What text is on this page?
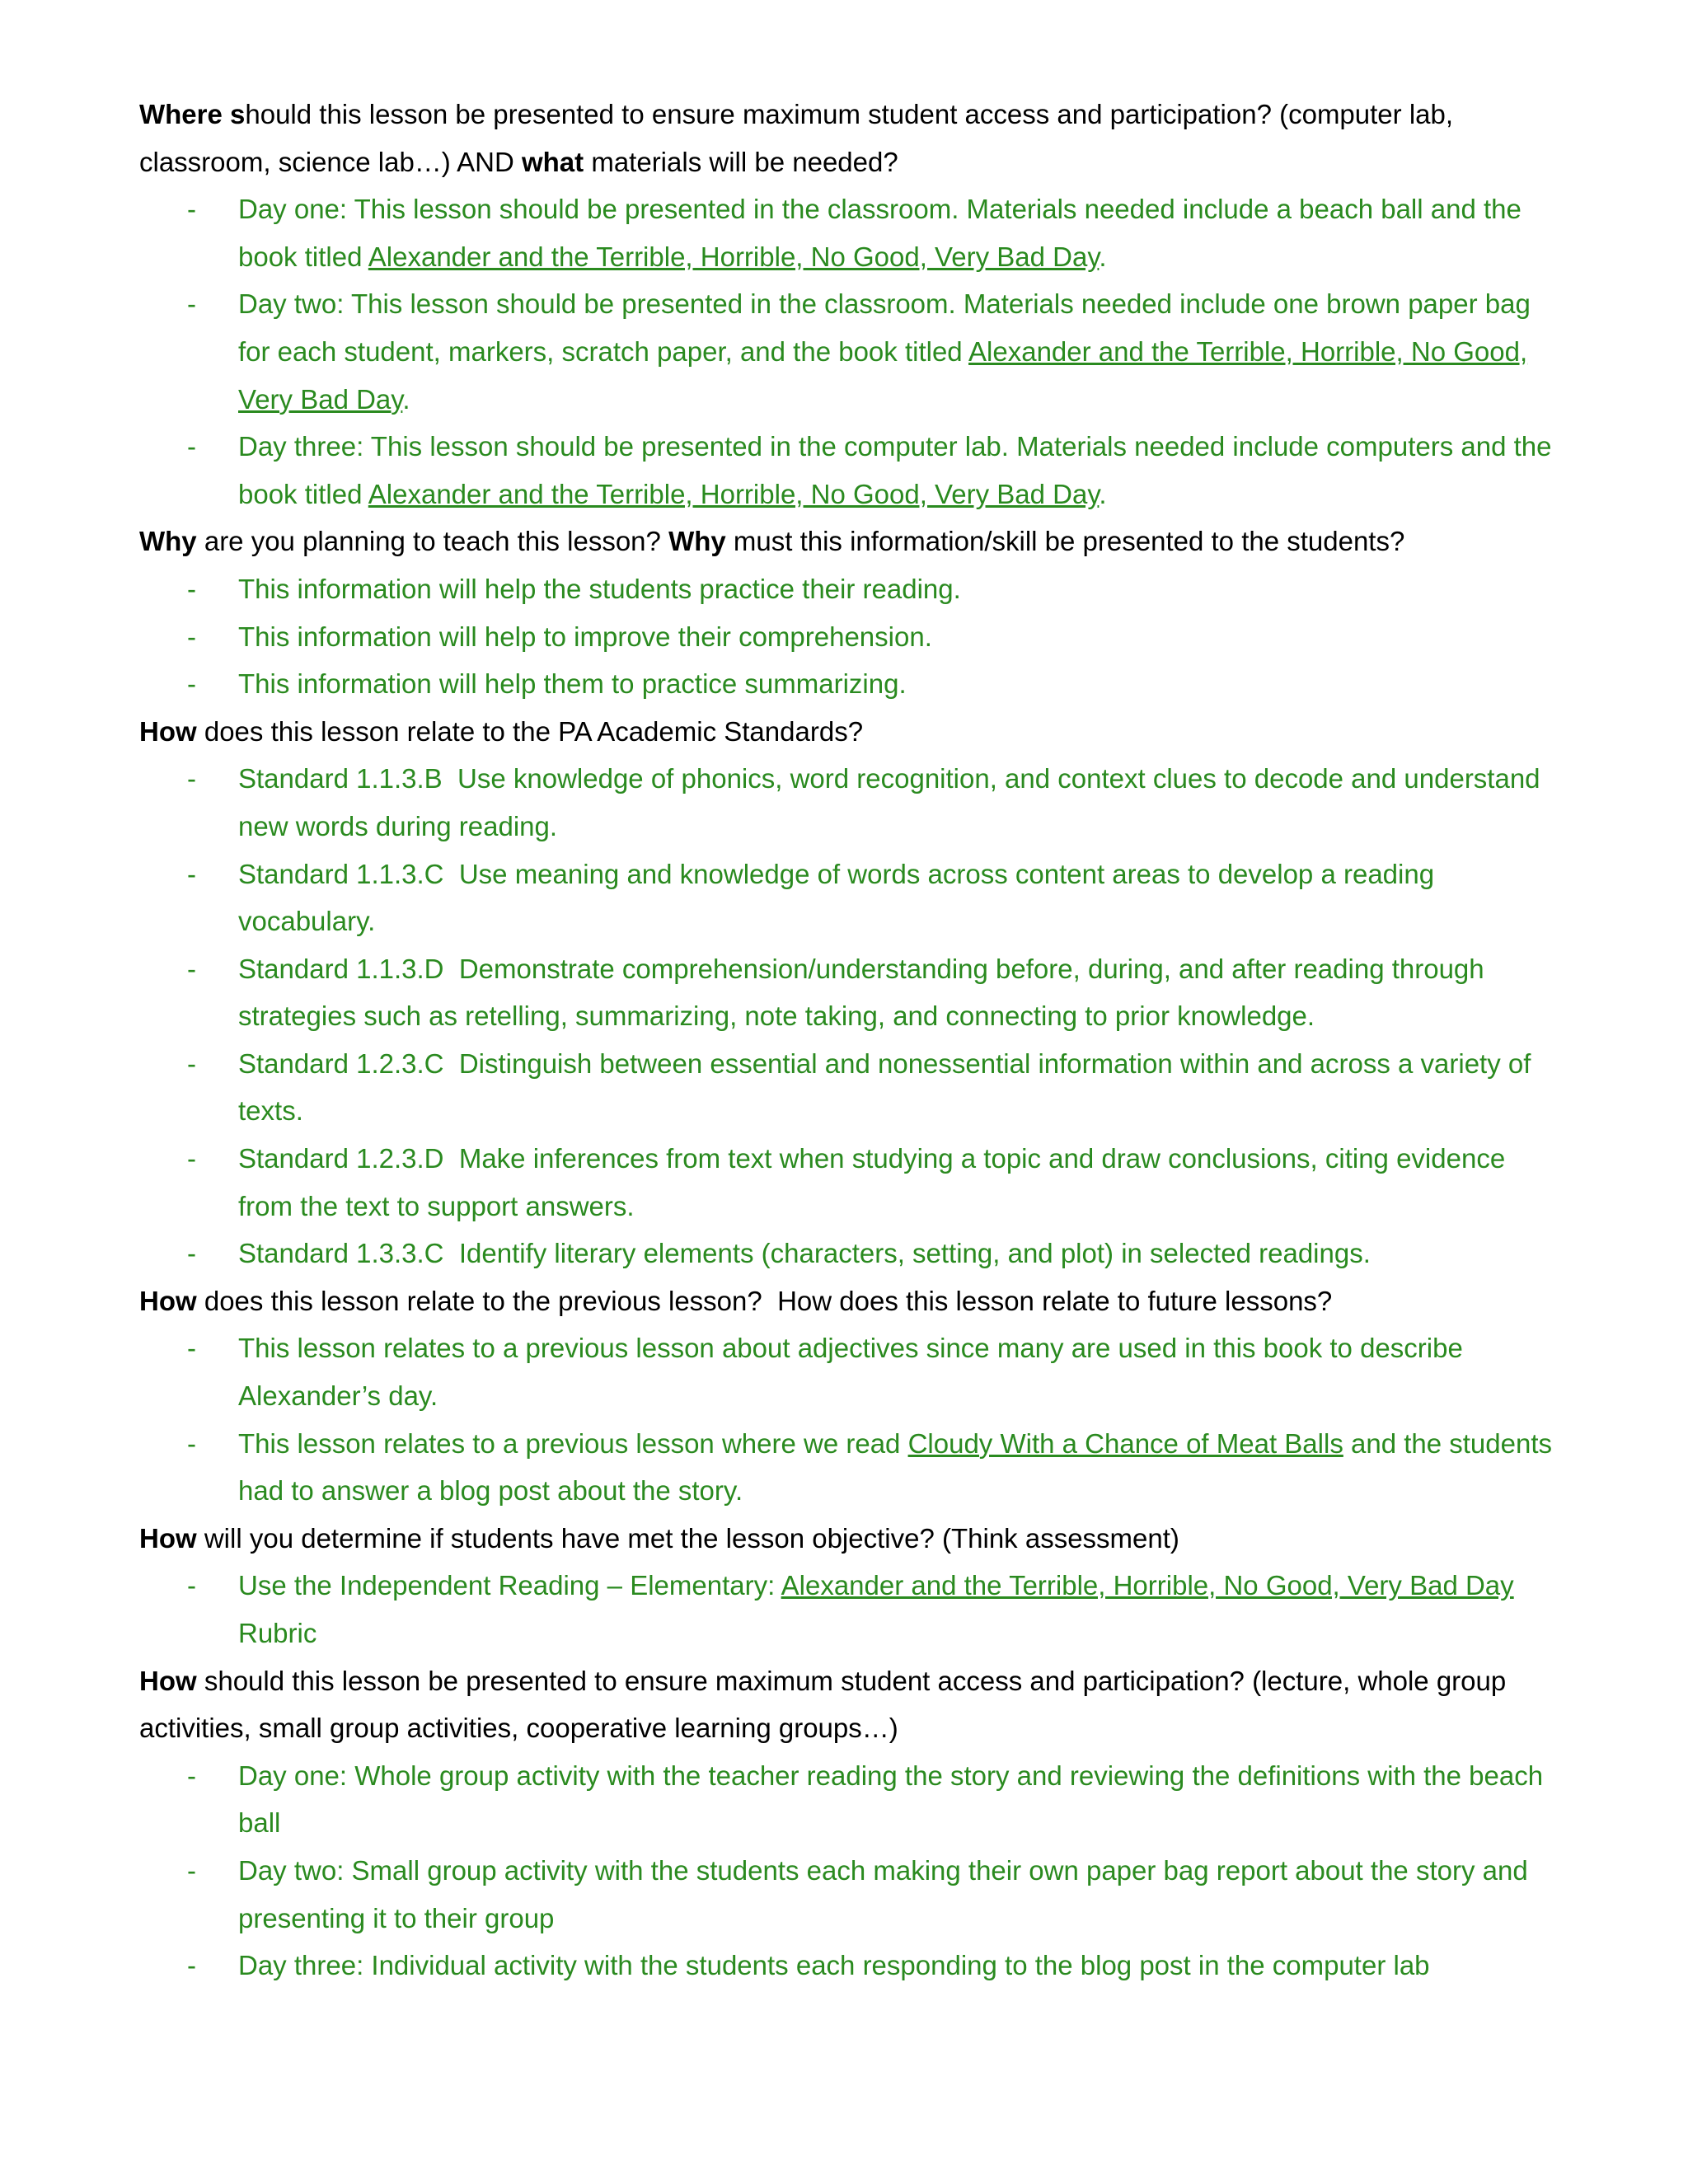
Where should this lesson be presented to ensure maximum student access and participation? (computer lab, classroom, science lab…) AND what materials will be needed?

- Day one: This lesson should be presented in the classroom. Materials needed include a beach ball and the book titled Alexander and the Terrible, Horrible, No Good, Very Bad Day.
- Day two: This lesson should be presented in the classroom. Materials needed include one brown paper bag for each student, markers, scratch paper, and the book titled Alexander and the Terrible, Horrible, No Good, Very Bad Day.
- Day three: This lesson should be presented in the computer lab. Materials needed include computers and the book titled Alexander and the Terrible, Horrible, No Good, Very Bad Day.

Why are you planning to teach this lesson? Why must this information/skill be presented to the students?

- This information will help the students practice their reading.
- This information will help to improve their comprehension.
- This information will help them to practice summarizing.

How does this lesson relate to the PA Academic Standards?

- Standard 1.1.3.B  Use knowledge of phonics, word recognition, and context clues to decode and understand new words during reading.
- Standard 1.1.3.C  Use meaning and knowledge of words across content areas to develop a reading vocabulary.
- Standard 1.1.3.D  Demonstrate comprehension/understanding before, during, and after reading through strategies such as retelling, summarizing, note taking, and connecting to prior knowledge.
- Standard 1.2.3.C  Distinguish between essential and nonessential information within and across a variety of texts.
- Standard 1.2.3.D  Make inferences from text when studying a topic and draw conclusions, citing evidence from the text to support answers.
- Standard 1.3.3.C  Identify literary elements (characters, setting, and plot) in selected readings.

How does this lesson relate to the previous lesson?  How does this lesson relate to future lessons?

- This lesson relates to a previous lesson about adjectives since many are used in this book to describe Alexander’s day.
- This lesson relates to a previous lesson where we read Cloudy With a Chance of Meat Balls and the students had to answer a blog post about the story.

How will you determine if students have met the lesson objective? (Think assessment)

- Use the Independent Reading – Elementary: Alexander and the Terrible, Horrible, No Good, Very Bad Day Rubric

How should this lesson be presented to ensure maximum student access and participation? (lecture, whole group activities, small group activities, cooperative learning groups…)

- Day one: Whole group activity with the teacher reading the story and reviewing the definitions with the beach ball
- Day two: Small group activity with the students each making their own paper bag report about the story and presenting it to their group
- Day three: Individual activity with the students each responding to the blog post in the computer lab
